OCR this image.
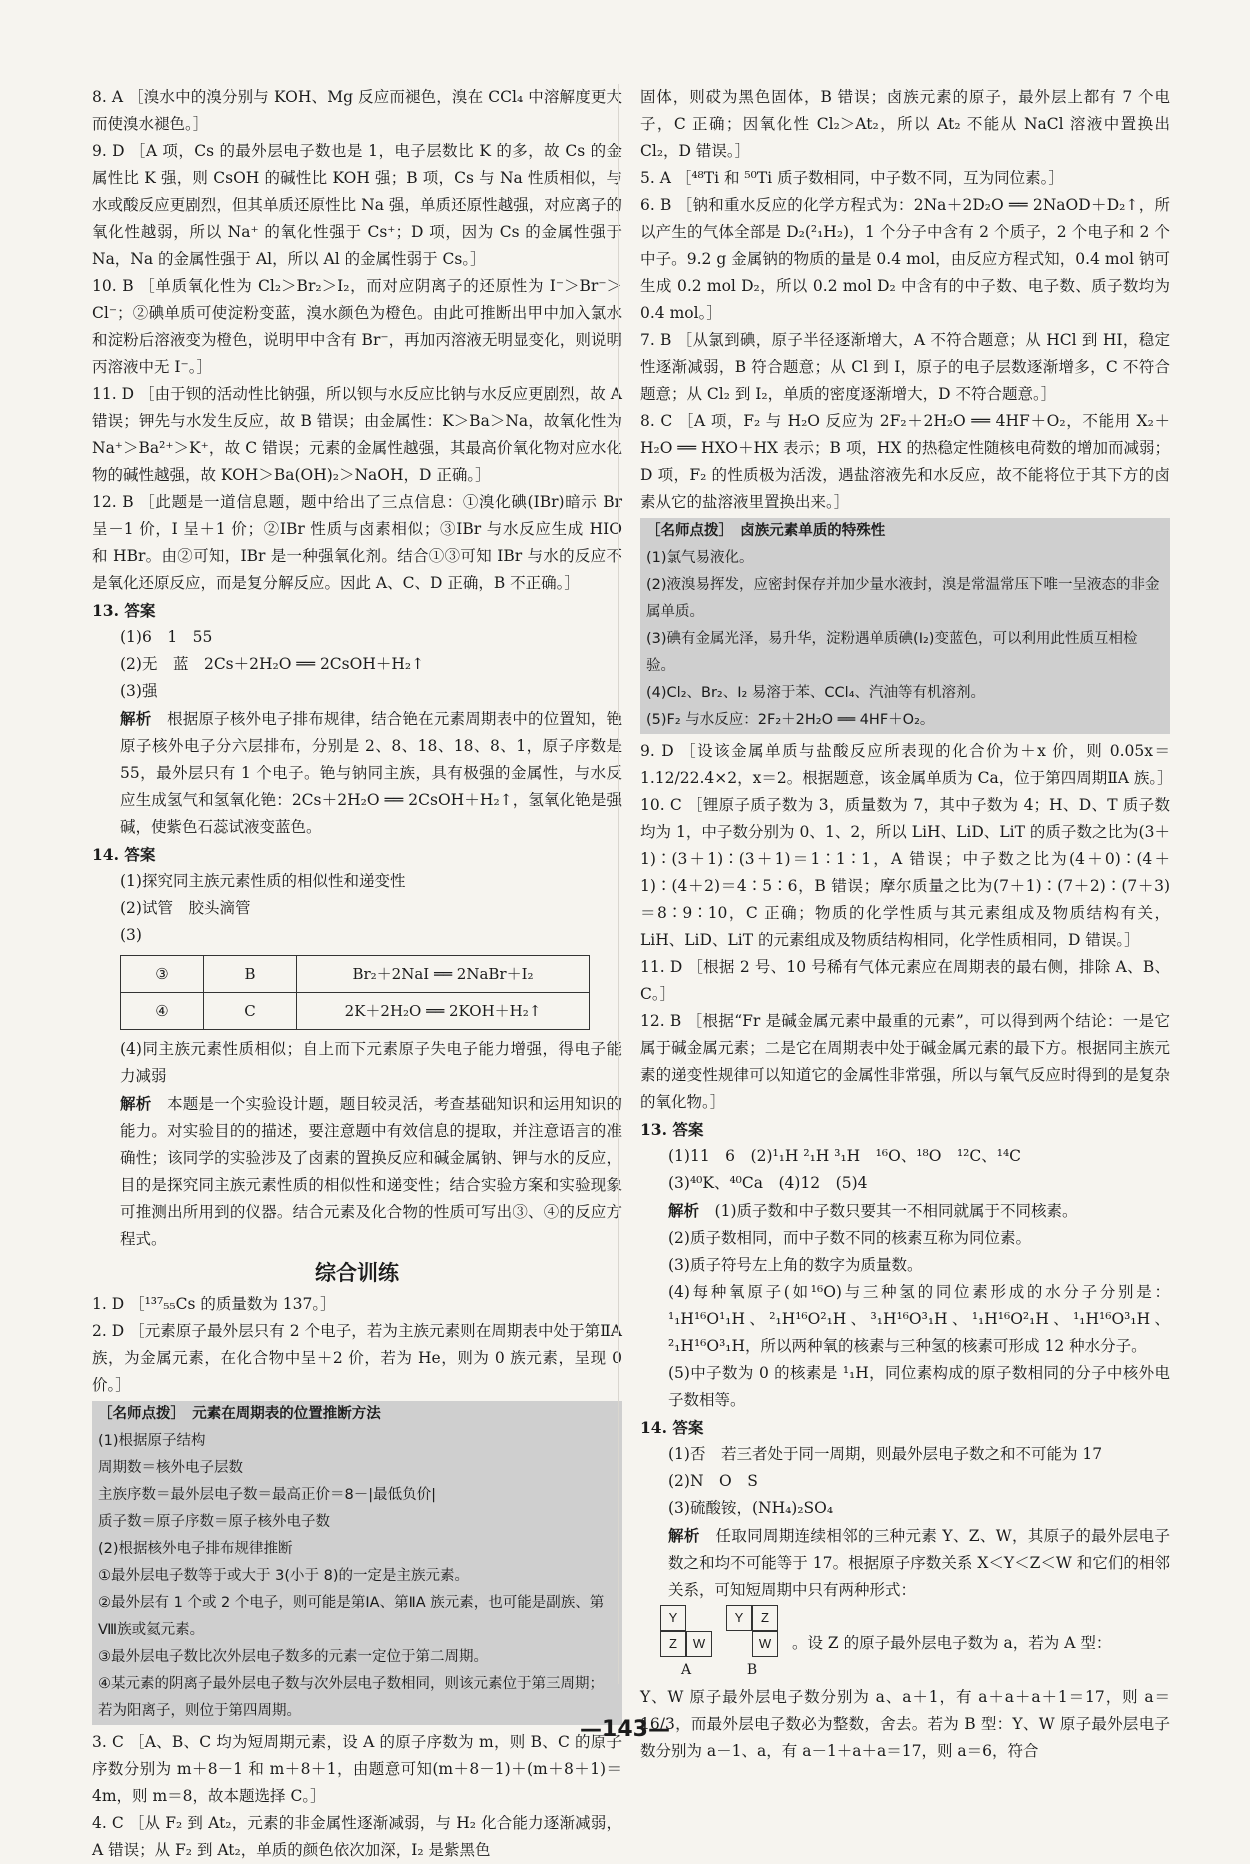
8. A ［溴水中的溴分别与 KOH、Mg 反应而褪色，溴在 CCl₄ 中溶解度更大而使溴水褪色。］

9. D ［A 项，Cs 的最外层电子数也是 1，电子层数比 K 的多，故 Cs 的金属性比 K 强，则 CsOH 的碱性比 KOH 强；B 项，Cs 与 Na 性质相似，与水或酸反应更剧烈，但其单质还原性比 Na 强，单质还原性越强，对应离子的氧化性越弱，所以 Na⁺ 的氧化性强于 Cs⁺；D 项，因为 Cs 的金属性强于 Na，Na 的金属性强于 Al，所以 Al 的金属性弱于 Cs。］

10. B ［单质氧化性为 Cl₂＞Br₂＞I₂，而对应阴离子的还原性为 I⁻＞Br⁻＞Cl⁻；②碘单质可使淀粉变蓝，溴水颜色为橙色。由此可推断出甲中加入氯水和淀粉后溶液变为橙色，说明甲中含有 Br⁻，再加丙溶液无明显变化，则说明丙溶液中无 I⁻。］

11. D ［由于钡的活动性比钠强，所以钡与水反应比钠与水反应更剧烈，故 A 错误；钾先与水发生反应，故 B 错误；由金属性：K＞Ba＞Na，故氧化性为 Na⁺＞Ba²⁺＞K⁺，故 C 错误；元素的金属性越强，其最高价氧化物对应水化物的碱性越强，故 KOH＞Ba(OH)₂＞NaOH，D 正确。］

12. B ［此题是一道信息题，题中给出了三点信息：①溴化碘(IBr)暗示 Br 呈－1 价，I 呈＋1 价；②IBr 性质与卤素相似；③IBr 与水反应生成 HIO 和 HBr。由②可知，IBr 是一种强氧化剂。结合①③可知 IBr 与水的反应不是氧化还原反应，而是复分解反应。因此 A、C、D 正确，B 不正确。］

13. 答案

(1)6　1　55

(2)无　蓝　2Cs＋2H₂O ══ 2CsOH＋H₂↑

(3)强

解析　 根据原子核外电子排布规律，结合铯在元素周期表中的位置知，铯原子核外电子分六层排布，分别是 2、8、18、18、8、1，原子序数是 55，最外层只有 1 个电子。铯与钠同主族，具有极强的金属性，与水反应生成氢气和氢氧化铯：2Cs＋2H₂O ══ 2CsOH＋H₂↑，氢氧化铯是强碱，使紫色石蕊试液变蓝色。

14. 答案

(1)探究同主族元素性质的相似性和递变性

(2)试管　胶头滴管

(3)

③	B	Br₂＋2NaI ══ 2NaBr＋I₂
④	C	2K＋2H₂O ══ 2KOH＋H₂↑

(4)同主族元素性质相似；自上而下元素原子失电子能力增强，得电子能力减弱

解析　 本题是一个实验设计题，题目较灵活，考查基础知识和运用知识的能力。对实验目的的描述，要注意题中有效信息的提取，并注意语言的准确性；该同学的实验涉及了卤素的置换反应和碱金属钠、钾与水的反应，目的是探究同主族元素性质的相似性和递变性；结合实验方案和实验现象可推测出所用到的仪器。结合元素及化合物的性质可写出③、④的反应方程式。

综合训练

1. D ［¹³⁷₅₅Cs 的质量数为 137。］

2. D ［元素原子最外层只有 2 个电子，若为主族元素则在周期表中处于第ⅡA 族，为金属元素，在化合物中呈＋2 价，若为 He，则为 0 族元素，呈现 0 价。］

［名师点拨］　元素在周期表的位置推断方法
(1)根据原子结构
周期数＝核外电子层数
主族序数＝最外层电子数＝最高正价＝8－|最低负价|
质子数＝原子序数＝原子核外电子数
(2)根据核外电子排布规律推断
①最外层电子数等于或大于 3(小于 8)的一定是主族元素。
②最外层有 1 个或 2 个电子，则可能是第ⅠA、第ⅡA 族元素，也可能是副族、第Ⅷ族或氦元素。
③最外层电子数比次外层电子数多的元素一定位于第二周期。
④某元素的阴离子最外层电子数与次外层电子数相同，则该元素位于第三周期；若为阳离子，则位于第四周期。

3. C ［A、B、C 均为短周期元素，设 A 的原子序数为 m，则 B、C 的原子序数分别为 m＋8－1 和 m＋8＋1，由题意可知(m＋8－1)＋(m＋8＋1)＝4m，则 m＝8，故本题选择 C。］

4. C ［从 F₂ 到 At₂，元素的非金属性逐渐减弱，与 H₂ 化合能力逐渐减弱，A 错误；从 F₂ 到 At₂，单质的颜色依次加深，I₂ 是紫黑色

固体，则砹为黑色固体，B 错误；卤族元素的原子，最外层上都有 7 个电子，C 正确；因氧化性 Cl₂＞At₂，所以 At₂ 不能从 NaCl 溶液中置换出 Cl₂，D 错误。］

5. A ［⁴⁸Ti 和 ⁵⁰Ti 质子数相同，中子数不同，互为同位素。］

6. B ［钠和重水反应的化学方程式为：2Na＋2D₂O ══ 2NaOD＋D₂↑，所以产生的气体全部是 D₂(²₁H₂)，1 个分子中含有 2 个质子，2 个电子和 2 个中子。9.2 g 金属钠的物质的量是 0.4 mol，由反应方程式知，0.4 mol 钠可生成 0.2 mol D₂，所以 0.2 mol D₂ 中含有的中子数、电子数、质子数均为 0.4 mol。］

7. B ［从氯到碘，原子半径逐渐增大，A 不符合题意；从 HCl 到 HI，稳定性逐渐减弱，B 符合题意；从 Cl 到 I，原子的电子层数逐渐增多，C 不符合题意；从 Cl₂ 到 I₂，单质的密度逐渐增大，D 不符合题意。］

8. C ［A 项，F₂ 与 H₂O 反应为 2F₂＋2H₂O ══ 4HF＋O₂，不能用 X₂＋H₂O ══ HXO＋HX 表示；B 项，HX 的热稳定性随核电荷数的增加而减弱；D 项，F₂ 的性质极为活泼，遇盐溶液先和水反应，故不能将位于其下方的卤素从它的盐溶液里置换出来。］

［名师点拨］　卤族元素单质的特殊性
(1)氯气易液化。
(2)液溴易挥发，应密封保存并加少量水液封，溴是常温常压下唯一呈液态的非金属单质。
(3)碘有金属光泽，易升华，淀粉遇单质碘(I₂)变蓝色，可以利用此性质互相检验。
(4)Cl₂、Br₂、I₂ 易溶于苯、CCl₄、汽油等有机溶剂。
(5)F₂ 与水反应：2F₂＋2H₂O ══ 4HF＋O₂。

9. D ［设该金属单质与盐酸反应所表现的化合价为＋x 价，则 0.05x＝1.12/22.4×2，x＝2。根据题意，该金属单质为 Ca，位于第四周期ⅡA 族。］

10. C ［锂原子质子数为 3，质量数为 7，其中子数为 4；H、D、T 质子数均为 1，中子数分别为 0、1、2，所以 LiH、LiD、LiT 的质子数之比为(3＋1)∶(3＋1)∶(3＋1)＝1∶1∶1，A 错误；中子数之比为(4＋0)∶(4＋1)∶(4＋2)＝4∶5∶6，B 错误；摩尔质量之比为(7＋1)∶(7＋2)∶(7＋3)＝8∶9∶10，C 正确；物质的化学性质与其元素组成及物质结构有关，LiH、LiD、LiT 的元素组成及物质结构相同，化学性质相同，D 错误。］

11. D ［根据 2 号、10 号稀有气体元素应在周期表的最右侧，排除 A、B、C。］

12. B ［根据“Fr 是碱金属元素中最重的元素”，可以得到两个结论：一是它属于碱金属元素；二是它在周期表中处于碱金属元素的最下方。根据同主族元素的递变性规律可以知道它的金属性非常强，所以与氧气反应时得到的是复杂的氧化物。］

13. 答案

(1)11　6　(2)¹₁H ²₁H ³₁H　¹⁶O、¹⁸O　¹²C、¹⁴C

(3)⁴⁰K、⁴⁰Ca　(4)12　(5)4

解析　 (1)质子数和中子数只要其一不相同就属于不同核素。

(2)质子数相同，而中子数不同的核素互称为同位素。

(3)质子符号左上角的数字为质量数。

(4)每种氧原子(如¹⁶O)与三种氢的同位素形成的水分子分别是：¹₁H¹⁶O¹₁H、²₁H¹⁶O²₁H、³₁H¹⁶O³₁H、¹₁H¹⁶O²₁H、¹₁H¹⁶O³₁H、²₁H¹⁶O³₁H，所以两种氧的核素与三种氢的核素可形成 12 种水分子。

(5)中子数为 0 的核素是 ¹₁H，同位素构成的原子数相同的分子中核外电子数相等。

14. 答案

(1)否　若三者处于同一周期，则最外层电子数之和不可能为 17

(2)N　O　S

(3)硫酸铵，(NH₄)₂SO₄

解析　 任取同周期连续相邻的三种元素 Y、Z、W，其原子的最外层电子数之和均不可能等于 17。根据原子序数关系 X＜Y＜Z＜W 和它们的相邻关系，可知短周期中只有两种形式：

Y
Z	W
A
Y	Z
W
B
。设 Z 的原子最外层电子数为 a，若为 A 型：

Y、W 原子最外层电子数分别为 a、a＋1，有 a＋a＋a＋1＝17，则 a＝16/3，而最外层电子数必为整数，舍去。若为 B 型：Y、W 原子最外层电子数分别为 a－1、a，有 a－1＋a＋a＝17，则 a＝6，符合

—143—
